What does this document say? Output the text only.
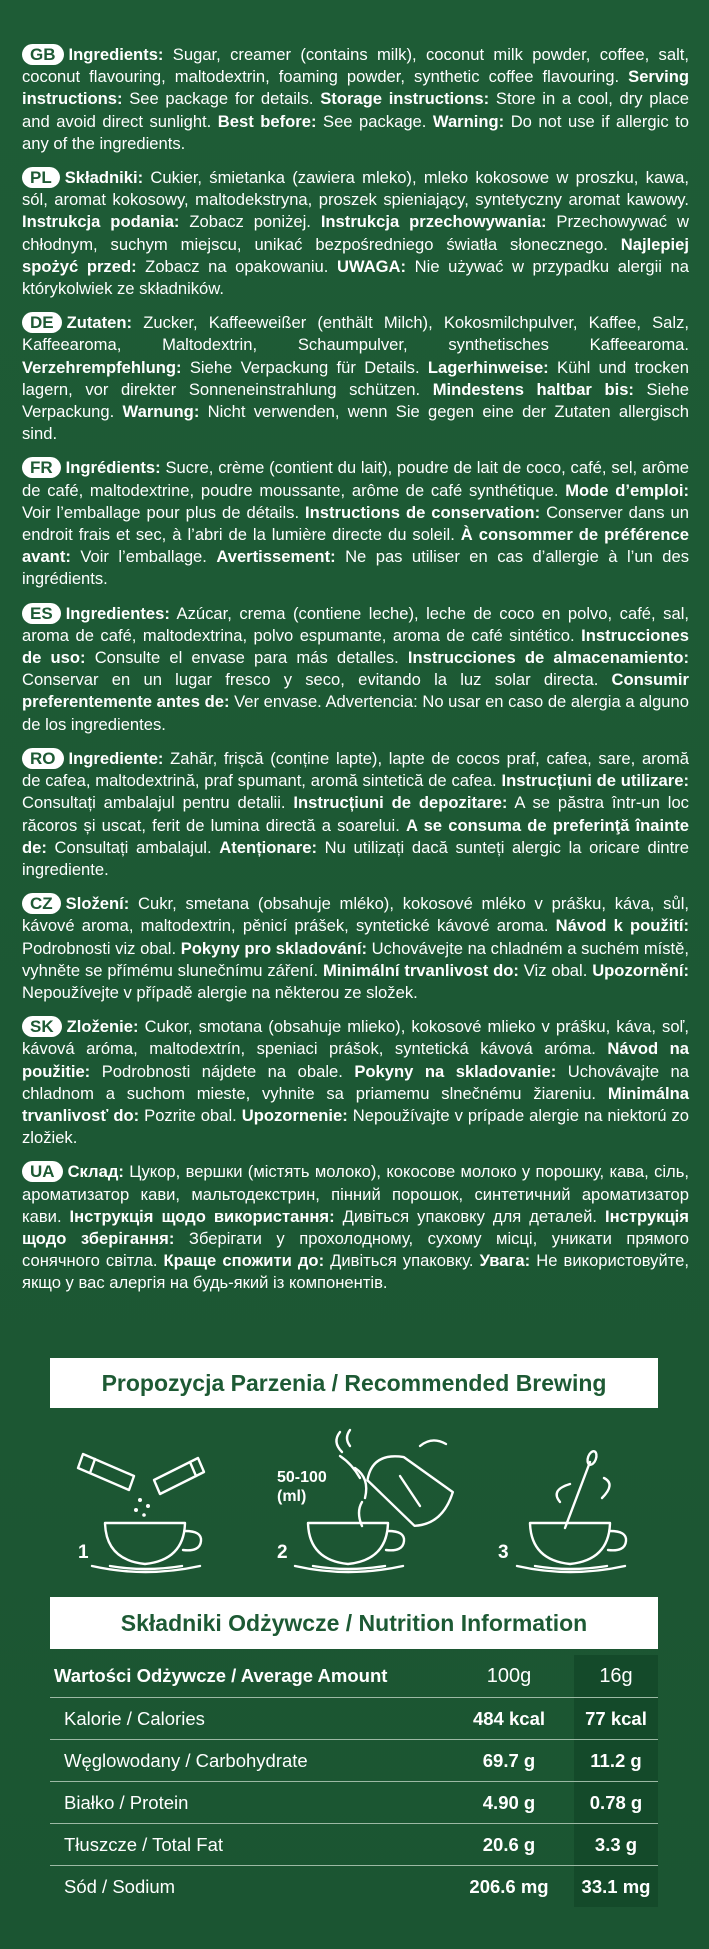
GB Ingredients: Sugar, creamer (contains milk), coconut milk powder, coffee, salt, coconut flavouring, maltodextrin, foaming powder, synthetic coffee flavouring. Serving instructions: See package for details. Storage instructions: Store in a cool, dry place and avoid direct sunlight. Best before: See package. Warning: Do not use if allergic to any of the ingredients.
PL Składniki: Cukier, śmietanka (zawiera mleko), mleko kokosowe w proszku, kawa, sól, aromat kokosowy, maltodekstryna, proszek spieniający, syntetyczny aromat kawowy. Instrukcja podania: Zobacz poniżej. Instrukcja przechowywania: Przechowywać w chłodnym, suchym miejscu, unikać bezpośredniego światła słonecznego. Najlepiej spożyć przed: Zobacz na opakowaniu. UWAGA: Nie używać w przypadku alergii na którykolwiek ze składników.
DE Zutaten: Zucker, Kaffeeweißer (enthält Milch), Kokosmilchpulver, Kaffee, Salz, Kaffeearoma, Maltodextrin, Schaumpulver, synthetisches Kaffeearoma. Verzehrempfehlung: Siehe Verpackung für Details. Lagerhinweise: Kühl und trocken lagern, vor direkter Sonneneinstrahlung schützen. Mindestens haltbar bis: Siehe Verpackung. Warnung: Nicht verwenden, wenn Sie gegen eine der Zutaten allergisch sind.
FR Ingrédients: Sucre, crème (contient du lait), poudre de lait de coco, café, sel, arôme de café, maltodextrine, poudre moussante, arôme de café synthétique. Mode d’emploi: Voir l’emballage pour plus de détails. Instructions de conservation: Conserver dans un endroit frais et sec, à l’abri de la lumière directe du soleil. À consommer de préférence avant: Voir l’emballage. Avertissement: Ne pas utiliser en cas d’allergie à l’un des ingrédients.
ES Ingredientes: Azúcar, crema (contiene leche), leche de coco en polvo, café, sal, aroma de café, maltodextrina, polvo espumante, aroma de café sintético. Instrucciones de uso: Consulte el envase para más detalles. Instrucciones de almacenamiento: Conservar en un lugar fresco y seco, evitando la luz solar directa. Consumir preferentemente antes de: Ver envase. Advertencia: No usar en caso de alergia a alguno de los ingredientes.
RO Ingrediente: Zahăr, frișcă (conține lapte), lapte de cocos praf, cafea, sare, aromă de cafea, maltodextrină, praf spumant, aromă sintetică de cafea. Instrucțiuni de utilizare: Consultați ambalajul pentru detalii. Instrucțiuni de depozitare: A se păstra într-un loc răcoros și uscat, ferit de lumina directă a soarelui. A se consuma de preferinţă înainte de: Consultați ambalajul. Atenționare: Nu utilizați dacă sunteți alergic la oricare dintre ingrediente.
CZ Složení: Cukr, smetana (obsahuje mléko), kokosové mléko v prášku, káva, sůl, kávové aroma, maltodextrin, pěnicí prášek, syntetické kávové aroma. Návod k použití: Podrobnosti viz obal. Pokyny pro skladování: Uchovávejte na chladném a suchém místě, vyhněte se přímému slunečnímu záření. Minimální trvanlivost do: Viz obal. Upozornění: Nepoužívejte v případě alergie na některou ze složek.
SK Zloženie: Cukor, smotana (obsahuje mlieko), kokosové mlieko v prášku, káva, soľ, kávová aróma, maltodextrín, speniaci prášok, syntetická kávová aróma. Návod na použitie: Podrobnosti nájdete na obale. Pokyny na skladovanie: Uchovávajte na chladnom a suchom mieste, vyhnite sa priamemu slnečnému žiareniu. Minimálna trvanlivosť do: Pozrite obal. Upozornenie: Nepoužívajte v prípade alergie na niektorú zo zložiek.
UA Склад: Цукор, вершки (містять молоко), кокосове молоко у порошку, кава, сіль, ароматизатор кави, мальтодекстрин, пінний порошок, синтетичний ароматизатор кави. Інструкція щодо використання: Дивіться упаковку для деталей. Інструкція щодо зберігання: Зберігати у прохолодному, сухому місці, уникати прямого сонячного світла. Краще спожити до: Дивіться упаковку. Увага: Не використовуйте, якщо у вас алергія на будь-який із компонентів.
Propozycja Parzenia / Recommended Brewing
1	2	3
50-100
(ml)
Składniki Odżywcze / Nutrition Information
Wartości Odżywcze / Average Amount	100g		16g
Kalorie / Calories	484 kcal		77 kcal
Węglowodany / Carbohydrate	69.7 g		11.2 g
Białko / Protein	4.90 g		0.78 g
Tłuszcze / Total Fat	20.6 g		3.3 g
Sód / Sodium	206.6 mg		33.1 mg
